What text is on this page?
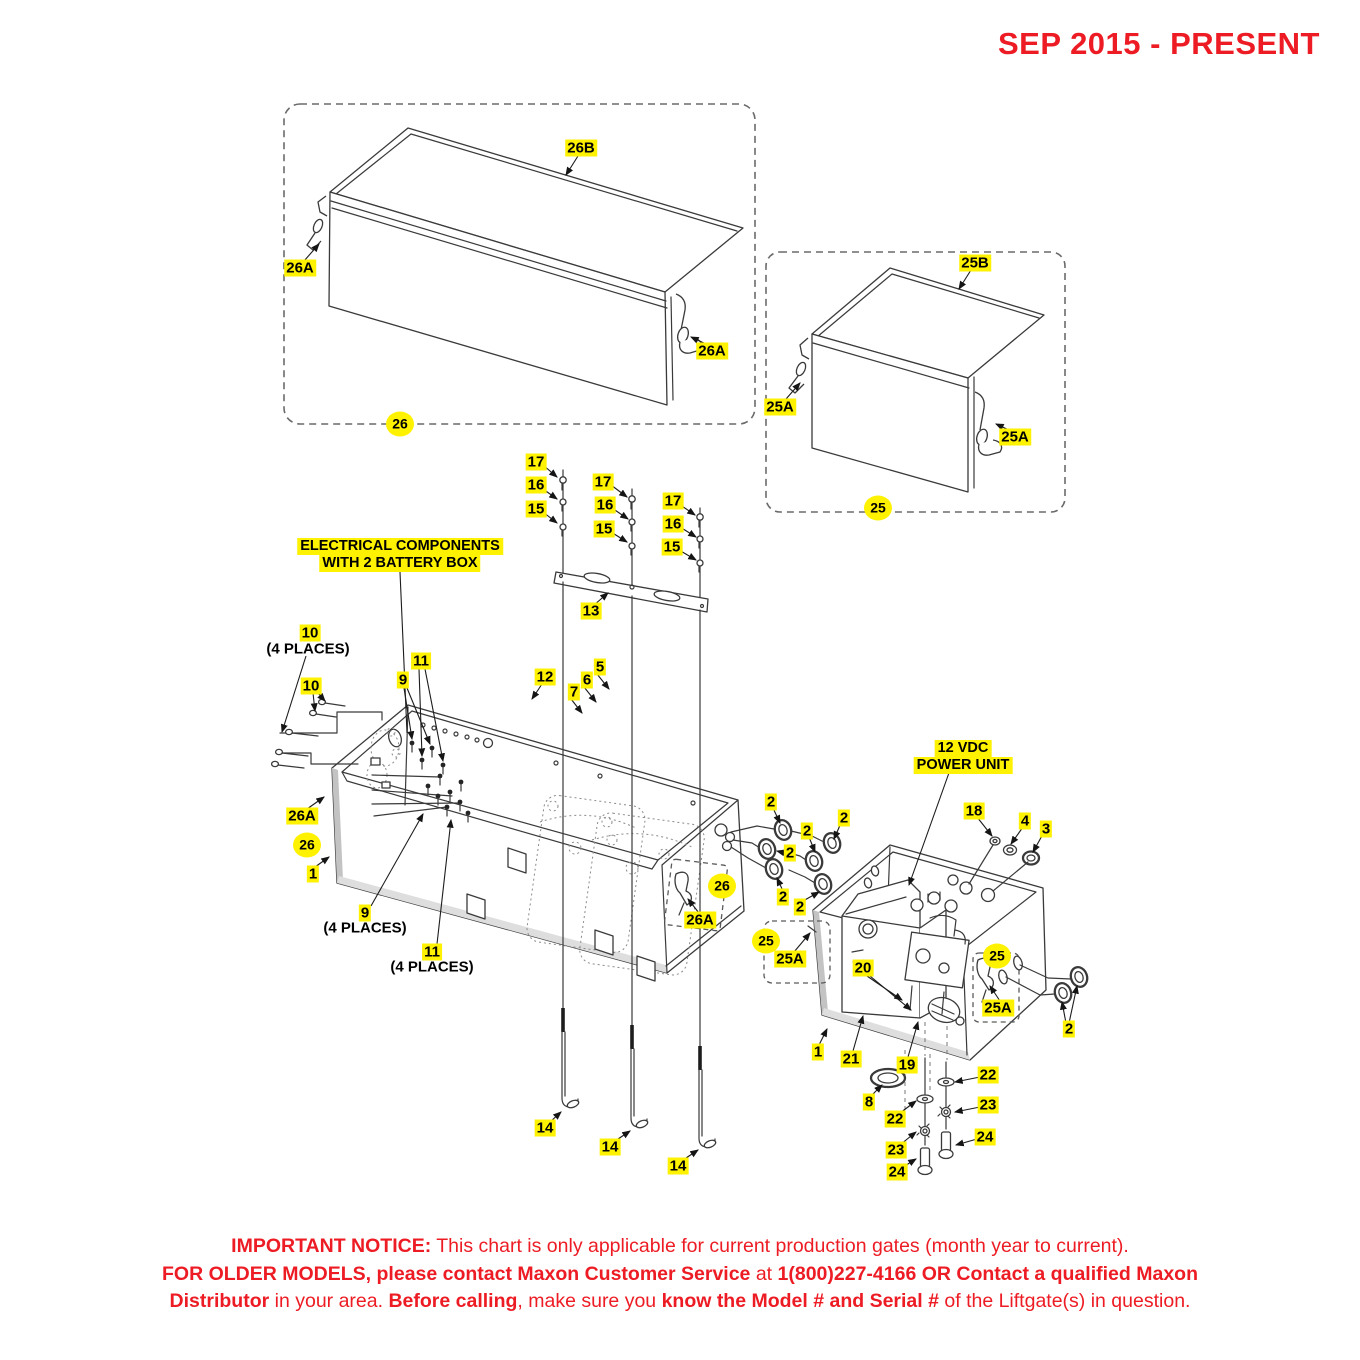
SEP 2015 - PRESENT
ELECTRICAL COMPONENTS
WITH 2 BATTERY BOX
12 VDC
POWER UNIT
26B
26A
26A
26
25B
25A
25A
25
17
16
15
17
16
15
17
16
15
13
10
(4 PLACES)
10
11
9	12
5
6
7
26A
26
1
9
(4 PLACES)
11
(4 PLACES)
26
26A
2
2
2
2
2
2
18
4 3
25
25A	25
25A
2
20
1 21	19
8
22
22
23
23
24
24
14
14
14
IMPORTANT NOTICE: This chart is only applicable for current production gates (month year to current).
FOR OLDER MODELS, please contact Maxon Customer Service at 1(800)227-4166 OR Contact a qualified Maxon
Distributor in your area. Before calling, make sure you know the Model # and Serial # of the Liftgate(s) in question.
